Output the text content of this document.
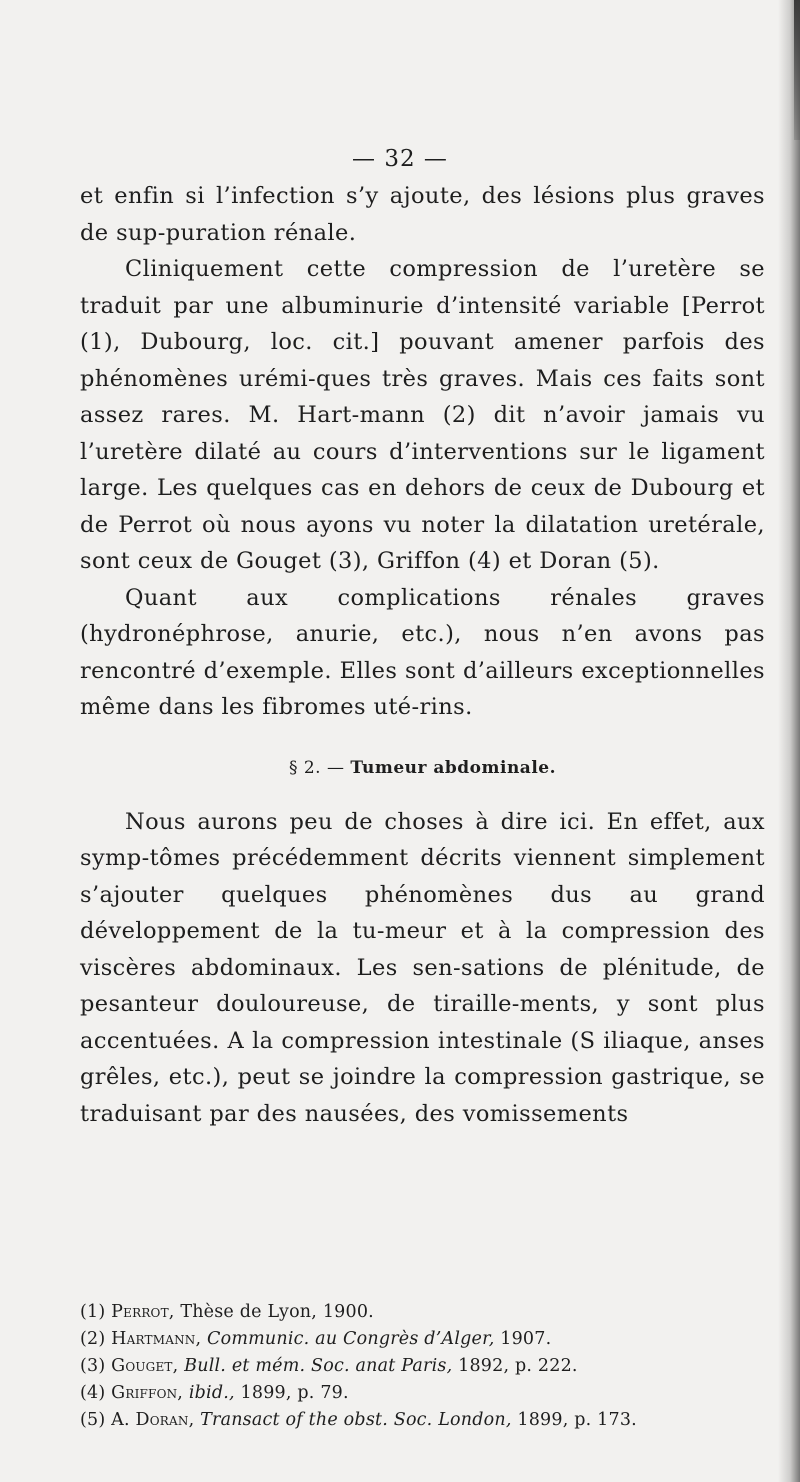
— 32 —

et enfin si l’infection s’y ajoute, des lésions plus graves de sup-puration rénale.

Cliniquement cette compression de l’uretère se traduit par une albuminurie d’intensité variable [Perrot (1), Dubourg, loc. cit.] pouvant amener parfois des phénomènes urémi-ques très graves. Mais ces faits sont assez rares. M. Hart-mann (2) dit n’avoir jamais vu l’uretère dilaté au cours d’interventions sur le ligament large. Les quelques cas en dehors de ceux de Dubourg et de Perrot où nous ayons vu noter la dilatation uretérale, sont ceux de Gouget (3), Griffon (4) et Doran (5).

Quant aux complications rénales graves (hydronéphrose, anurie, etc.), nous n’en avons pas rencontré d’exemple. Elles sont d’ailleurs exceptionnelles même dans les fibromes uté-rins.

§ 2. — Tumeur abdominale.

Nous aurons peu de choses à dire ici. En effet, aux symp-tômes précédemment décrits viennent simplement s’ajouter quelques phénomènes dus au grand développement de la tu-meur et à la compression des viscères abdominaux. Les sen-sations de plénitude, de pesanteur douloureuse, de tiraille-ments, y sont plus accentuées. A la compression intestinale (S iliaque, anses grêles, etc.), peut se joindre la compression gastrique, se traduisant par des nausées, des vomissements

(1) Perrot, Thèse de Lyon, 1900.
(2) Hartmann, Communic. au Congrès d’Alger, 1907.
(3) Gouget, Bull. et mém. Soc. anat Paris, 1892, p. 222.
(4) Griffon, ibid., 1899, p. 79.
(5) A. Doran, Transact of the obst. Soc. London, 1899, p. 173.
